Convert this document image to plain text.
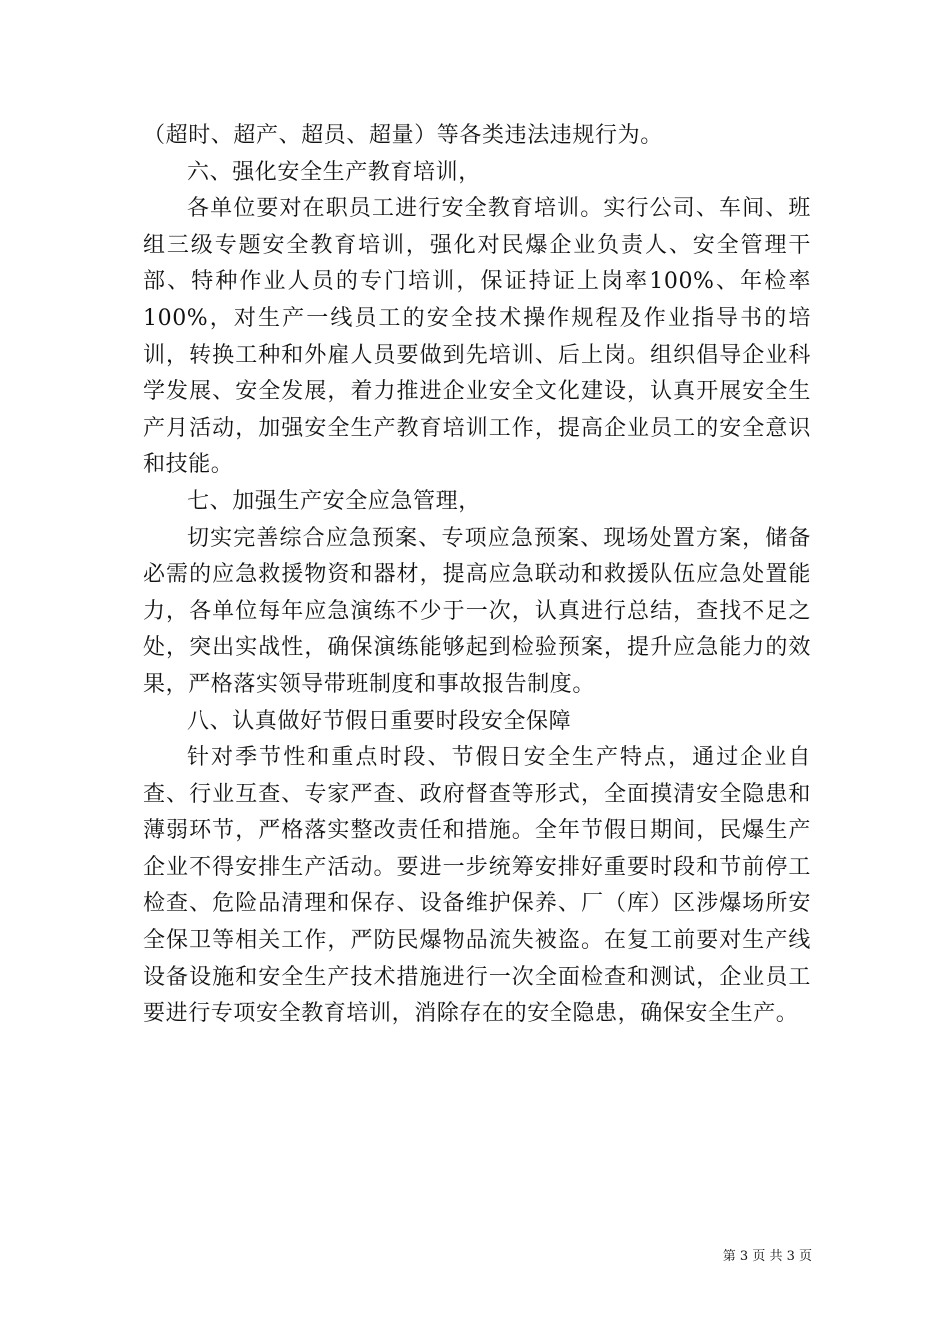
（超时、超产、超员、超量）等各类违法违规行为。

六、强化安全生产教育培训，

各单位要对在职员工进行安全教育培训。实行公司、车间、班组三级专题安全教育培训，强化对民爆企业负责人、安全管理干部、特种作业人员的专门培训，保证持证上岗率100%、年检率100%，对生产一线员工的安全技术操作规程及作业指导书的培训，转换工种和外雇人员要做到先培训、后上岗。组织倡导企业科学发展、安全发展，着力推进企业安全文化建设，认真开展安全生产月活动，加强安全生产教育培训工作，提高企业员工的安全意识和技能。

七、加强生产安全应急管理，

切实完善综合应急预案、专项应急预案、现场处置方案，储备必需的应急救援物资和器材，提高应急联动和救援队伍应急处置能力，各单位每年应急演练不少于一次，认真进行总结，查找不足之处，突出实战性，确保演练能够起到检验预案，提升应急能力的效果，严格落实领导带班制度和事故报告制度。

八、认真做好节假日重要时段安全保障

针对季节性和重点时段、节假日安全生产特点，通过企业自查、行业互查、专家严查、政府督查等形式，全面摸清安全隐患和薄弱环节，严格落实整改责任和措施。全年节假日期间，民爆生产企业不得安排生产活动。要进一步统筹安排好重要时段和节前停工检查、危险品清理和保存、设备维护保养、厂（库）区涉爆场所安全保卫等相关工作，严防民爆物品流失被盗。在复工前要对生产线设备设施和安全生产技术措施进行一次全面检查和测试，企业员工要进行专项安全教育培训，消除存在的安全隐患，确保安全生产。

第 3 页 共 3 页
